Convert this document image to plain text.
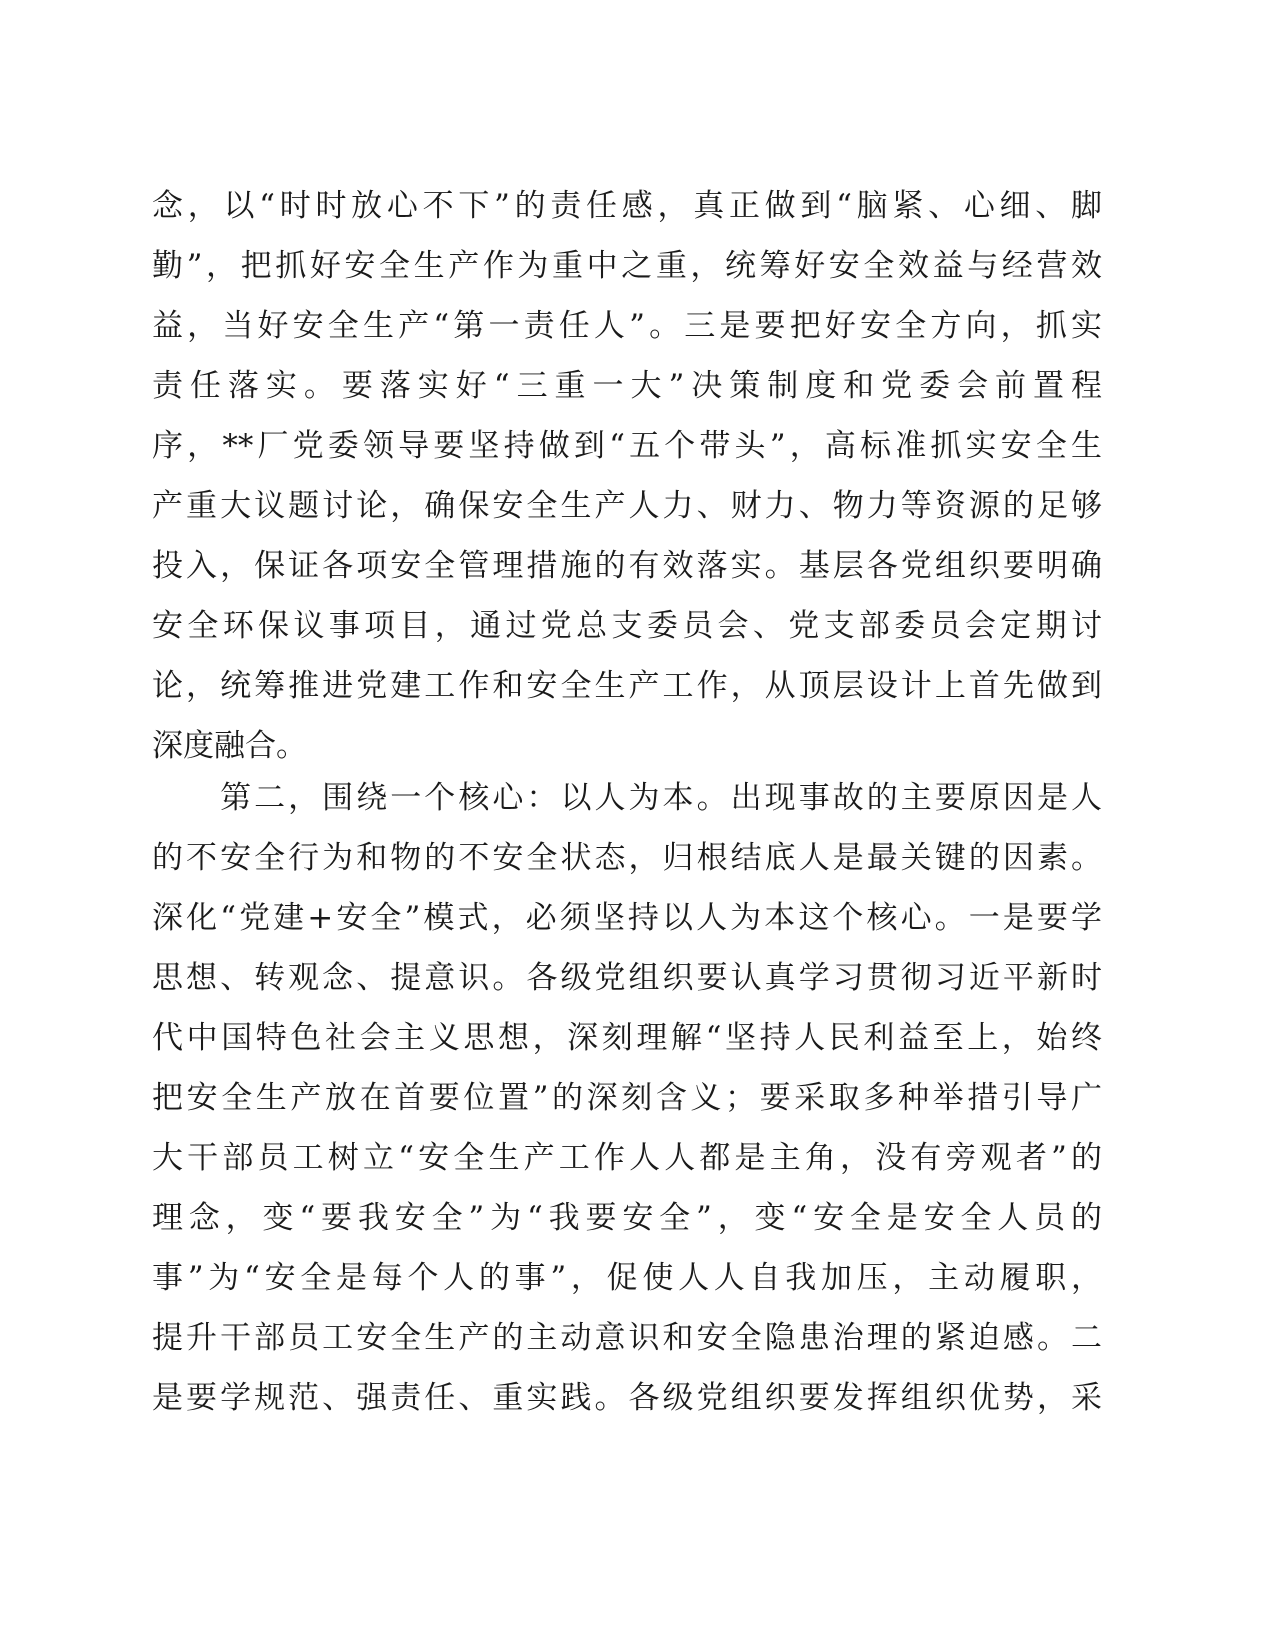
念，以“时时放心不下”的责任感，真正做到“脑紧、心细、脚
勤”，把抓好安全生产作为重中之重，统筹好安全效益与经营效
益，当好安全生产“第一责任人”。三是要把好安全方向，抓实
责任落实。要落实好“三重一大”决策制度和党委会前置程
序，**厂党委领导要坚持做到“五个带头”，高标准抓实安全生
产重大议题讨论，确保安全生产人力、财力、物力等资源的足够
投入，保证各项安全管理措施的有效落实。基层各党组织要明确
安全环保议事项目，通过党总支委员会、党支部委员会定期讨
论，统筹推进党建工作和安全生产工作，从顶层设计上首先做到
深度融合。
　　第二，围绕一个核心：以人为本。出现事故的主要原因是人
的不安全行为和物的不安全状态，归根结底人是最关键的因素。
深化“党建+安全”模式，必须坚持以人为本这个核心。一是要学
思想、转观念、提意识。各级党组织要认真学习贯彻习近平新时
代中国特色社会主义思想，深刻理解“坚持人民利益至上，始终
把安全生产放在首要位置”的深刻含义；要采取多种举措引导广
大干部员工树立“安全生产工作人人都是主角，没有旁观者”的
理念，变“要我安全”为“我要安全”，变“安全是安全人员的
事”为“安全是每个人的事”，促使人人自我加压，主动履职，
提升干部员工安全生产的主动意识和安全隐患治理的紧迫感。二
是要学规范、强责任、重实践。各级党组织要发挥组织优势，采
